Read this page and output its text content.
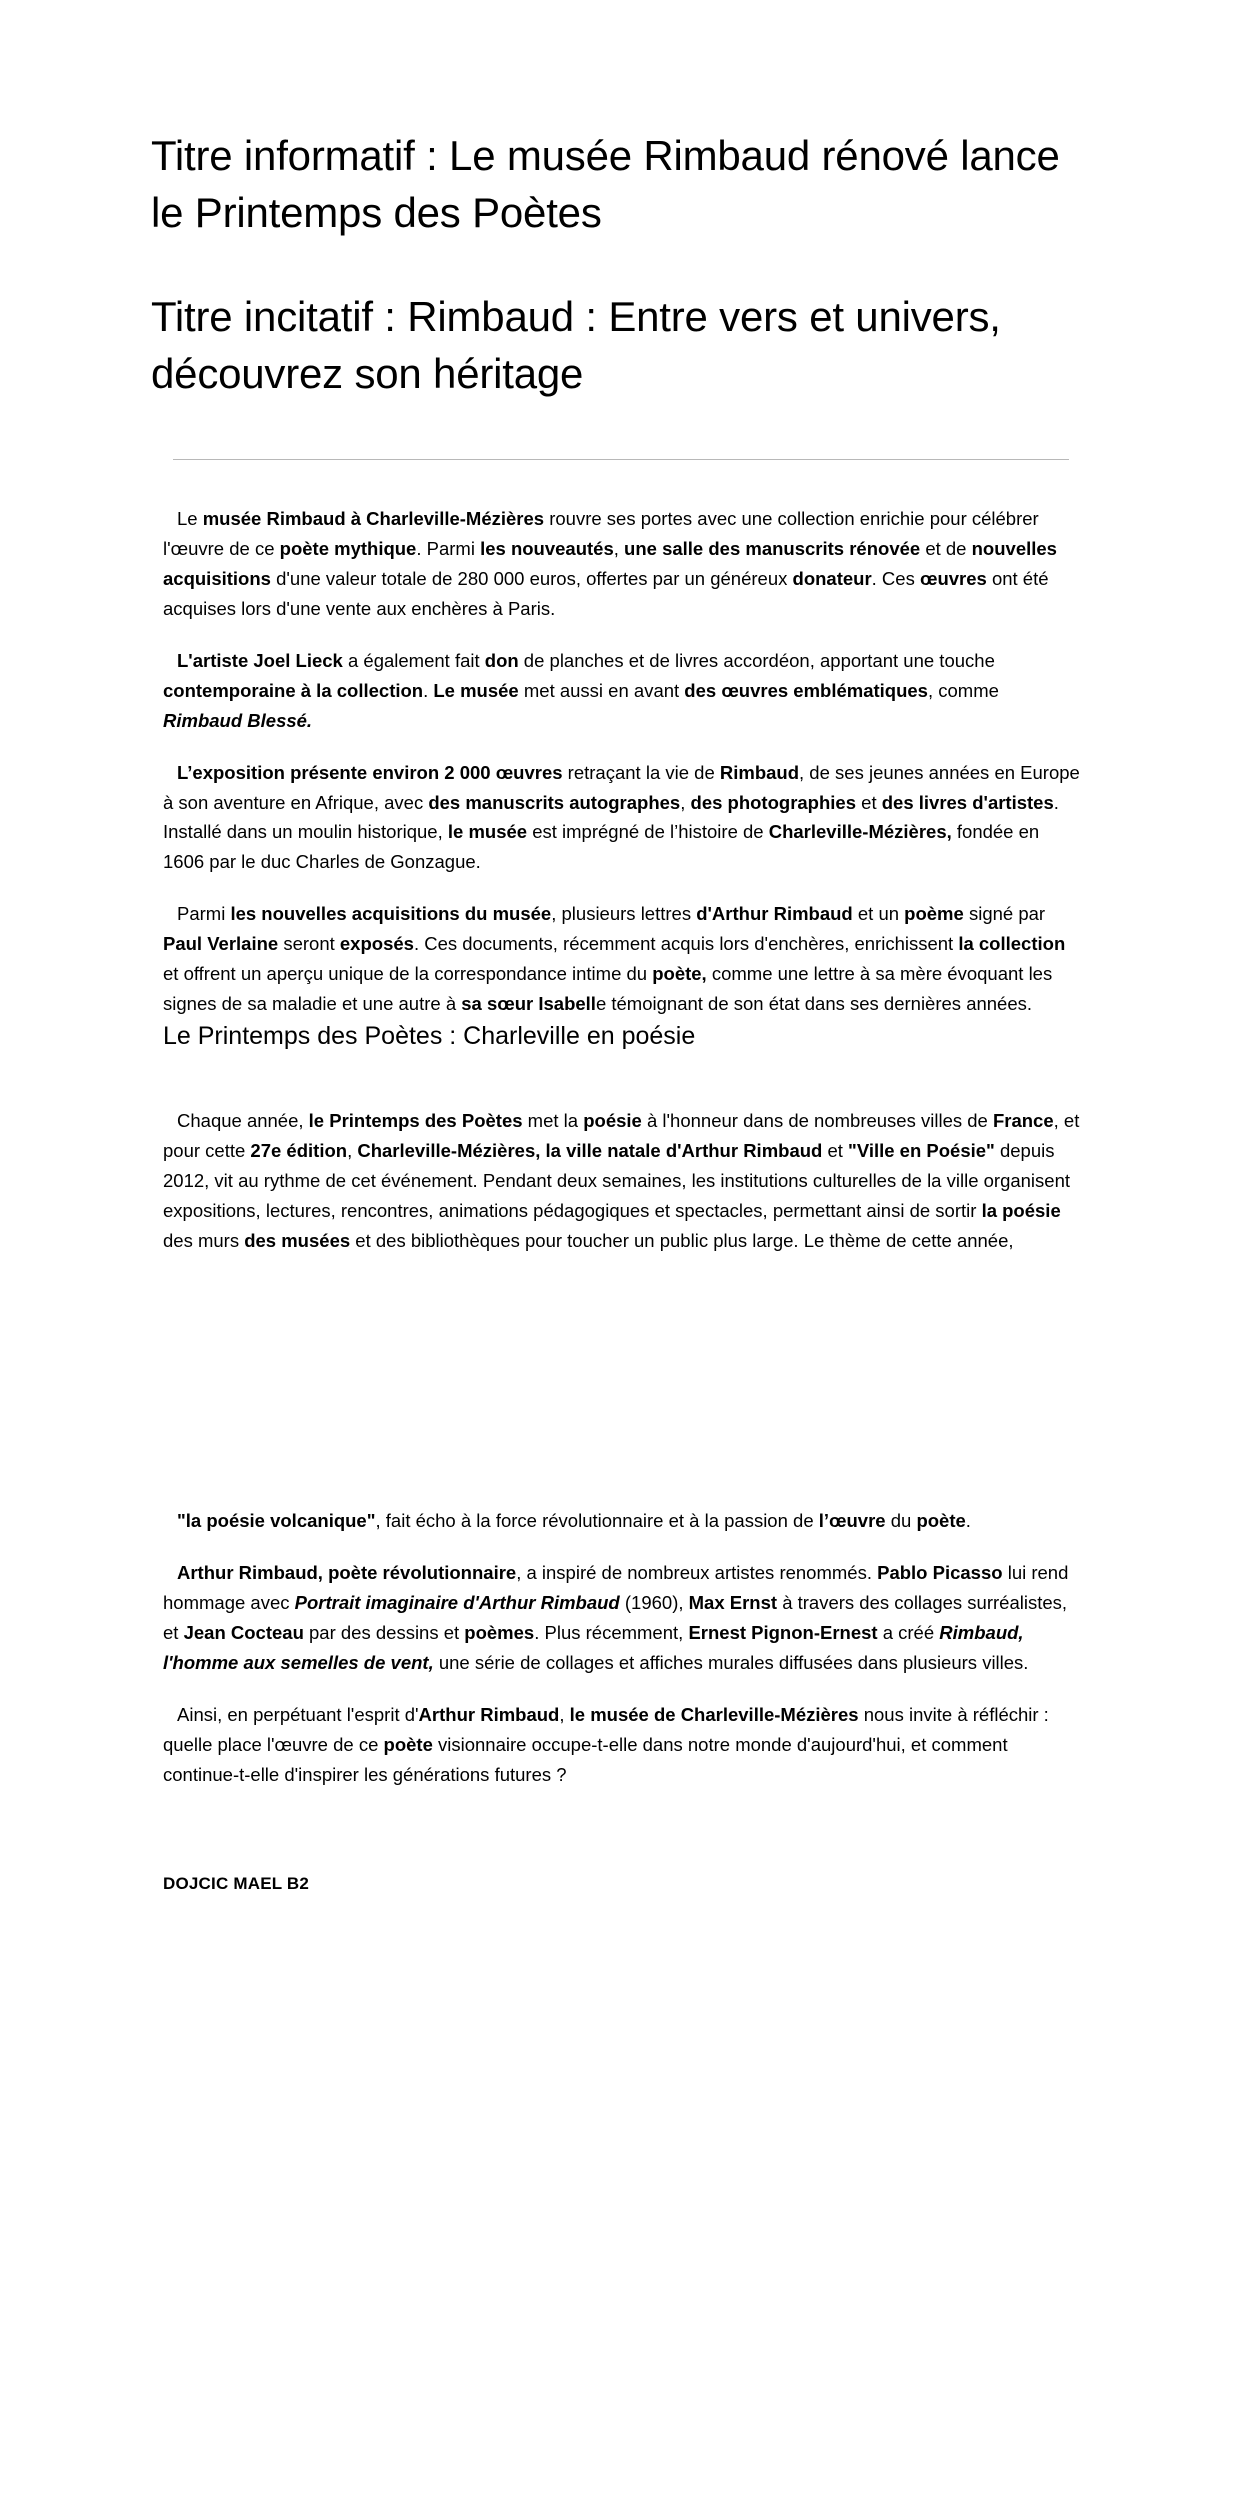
Titre informatif : Le musée Rimbaud rénové lance le Printemps des Poètes
Titre incitatif : Rimbaud : Entre vers et univers, découvrez son héritage

Le musée Rimbaud à Charleville-Mézières rouvre ses portes avec une collection enrichie pour célébrer l'œuvre de ce poète mythique. Parmi les nouveautés, une salle des manuscrits rénovée et de nouvelles acquisitions d'une valeur totale de 280 000 euros, offertes par un généreux donateur. Ces œuvres ont été acquises lors d'une vente aux enchères à Paris.

L'artiste Joel Lieck a également fait don de planches et de livres accordéon, apportant une touche contemporaine à la collection. Le musée met aussi en avant des œuvres emblématiques, comme Rimbaud Blessé.

L’exposition présente environ 2 000 œuvres retraçant la vie de Rimbaud, de ses jeunes années en Europe à son aventure en Afrique, avec des manuscrits autographes, des photographies et des livres d'artistes. Installé dans un moulin historique, le musée est imprégné de l’histoire de Charleville-Mézières, fondée en 1606 par le duc Charles de Gonzague.

Parmi les nouvelles acquisitions du musée, plusieurs lettres d'Arthur Rimbaud et un poème signé par Paul Verlaine seront exposés. Ces documents, récemment acquis lors d'enchères, enrichissent la collection et offrent un aperçu unique de la correspondance intime du poète, comme une lettre à sa mère évoquant les signes de sa maladie et une autre à sa sœur Isabelle témoignant de son état dans ses dernières années.

Le Printemps des Poètes : Charleville en poésie

Chaque année, le Printemps des Poètes met la poésie à l'honneur dans de nombreuses villes de France, et pour cette 27e édition, Charleville-Mézières, la ville natale d'Arthur Rimbaud et "Ville en Poésie" depuis 2012, vit au rythme de cet événement. Pendant deux semaines, les institutions culturelles de la ville organisent expositions, lectures, rencontres, animations pédagogiques et spectacles, permettant ainsi de sortir la poésie des murs des musées et des bibliothèques pour toucher un public plus large. Le thème de cette année,

"la poésie volcanique", fait écho à la force révolutionnaire et à la passion de l’œuvre du poète.

Arthur Rimbaud, poète révolutionnaire, a inspiré de nombreux artistes renommés. Pablo Picasso lui rend hommage avec Portrait imaginaire d'Arthur Rimbaud (1960), Max Ernst à travers des collages surréalistes, et Jean Cocteau par des dessins et poèmes. Plus récemment, Ernest Pignon-Ernest a créé Rimbaud, l'homme aux semelles de vent, une série de collages et affiches murales diffusées dans plusieurs villes.

Ainsi, en perpétuant l'esprit d'Arthur Rimbaud, le musée de Charleville-Mézières nous invite à réfléchir : quelle place l'œuvre de ce poète visionnaire occupe-t-elle dans notre monde d'aujourd'hui, et comment continue-t-elle d'inspirer les générations futures ?

DOJCIC MAEL B2
